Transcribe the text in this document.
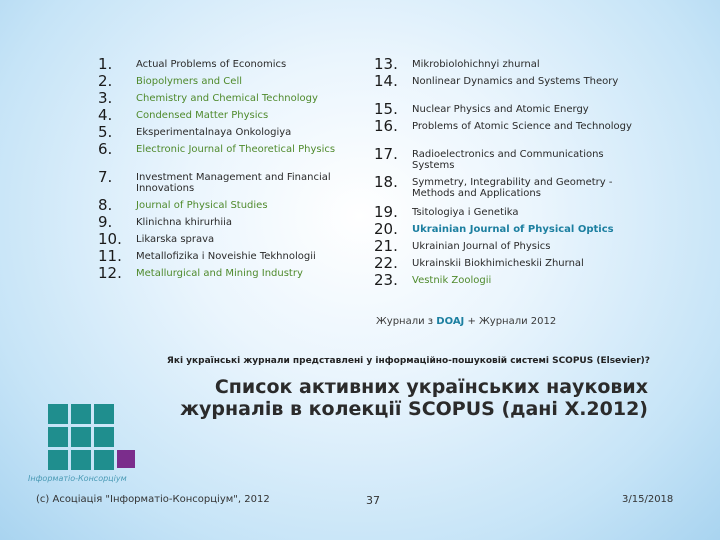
1.	Actual Problems of Economics
2.	Biopolymers and Cell
3.	Chemistry and Chemical Technology
4.	Condensed Matter Physics
5.	Eksperimentalnaya Onkologiya
6.	Electronic Journal of Theoretical Physics
7.	Investment Management and Financial Innovations
8.	Journal of Physical Studies
9.	Klinichna khirurhiia
10.	Likarska sprava
11.	Metallofizika i Noveishie Tekhnologii
12.	Metallurgical and Mining Industry
13.	Mikrobiolohichnyi zhurnal
14.	Nonlinear Dynamics and Systems Theory
15.	Nuclear Physics and Atomic Energy
16.	Problems of Atomic Science and Technology
17.	Radioelectronics and Communications Systems
18.	Symmetry, Integrability and Geometry - Methods and Applications
19.	Tsitologiya i Genetika
20.	Ukrainian Journal of Physical Optics
21.	Ukrainian Journal of Physics
22.	Ukrainskii Biokhimicheskii Zhurnal
23.	Vestnik Zoologii
Журнали з DOAJ + Журнали 2012
Які українські журнали представлені у інформаційно-пошуковій системі SCOPUS (Elsevier)?
Список активних українських наукових журналів в колекції SCOPUS (дані X.2012)
Інформатіо-Консорціум
(c) Асоціація "Інформатіо-Консорціум", 2012	37	3/15/2018
